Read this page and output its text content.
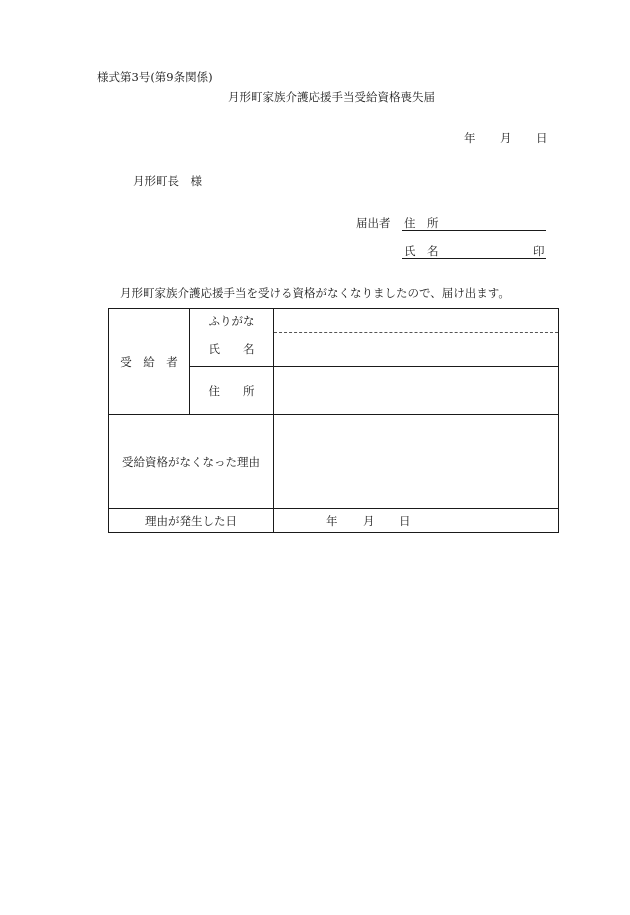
様式第3号(第9条関係)
月形町家族介護応援手当受給資格喪失届
年 月 日
月形町長　様
届出者 住　所
氏　名	印
月形町家族介護応援手当を受ける資格がなくなりましたので、届け出ます。
受　給　者	ふりがな	
	氏　　名	
	住　　所	
受給資格がなくなった理由		
理由が発生した日		年 月 日
